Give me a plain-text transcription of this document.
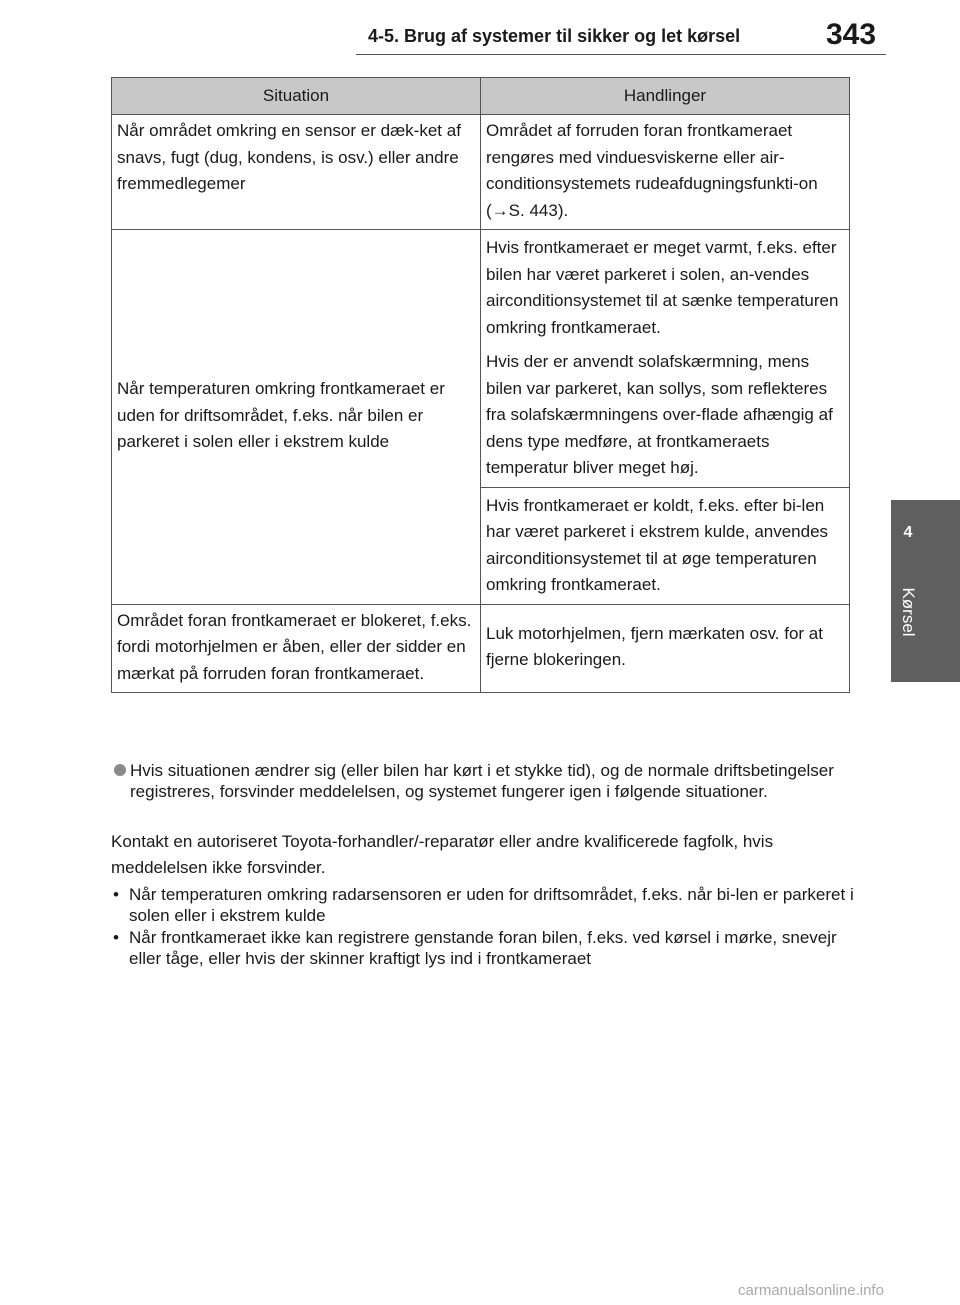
4-5. Brug af systemer til sikker og let kørsel	343
4
Kørsel
Situation	Handlinger
Når området omkring en sensor er dæk-ket af snavs, fugt (dug, kondens, is osv.) eller andre fremmedlegemer	Området af forruden foran frontkameraet rengøres med vinduesviskerne eller air-conditionsystemets rudeafdugningsfunkti-on (→S. 443).
Når temperaturen omkring frontkameraet er uden for driftsområdet, f.eks. når bilen er parkeret i solen eller i ekstrem kulde	Hvis frontkameraet er meget varmt, f.eks. efter bilen har været parkeret i solen, an-vendes airconditionsystemet til at sænke temperaturen omkring frontkameraet.
Hvis der er anvendt solafskærmning, mens bilen var parkeret, kan sollys, som reflekteres fra solafskærmningens over-flade afhængig af dens type medføre, at frontkameraets temperatur bliver meget høj.

	Hvis frontkameraet er koldt, f.eks. efter bi-len har været parkeret i ekstrem kulde, anvendes airconditionsystemet til at øge temperaturen omkring frontkameraet.
Området foran frontkameraet er blokeret, f.eks. fordi motorhjelmen er åben, eller der sidder en mærkat på forruden foran frontkameraet.	Luk motorhjelmen, fjern mærkaten osv. for at fjerne blokeringen.
Hvis situationen ændrer sig (eller bilen har kørt i et stykke tid), og de normale driftsbetingelser registreres, forsvinder meddelelsen, og systemet fungerer igen i følgende situationer.
Kontakt en autoriseret Toyota-forhandler/-reparatør eller andre kvalificerede fagfolk, hvis meddelelsen ikke forsvinder.
• Når temperaturen omkring radarsensoren er uden for driftsområdet, f.eks. når bi-len er parkeret i solen eller i ekstrem kulde
• Når frontkameraet ikke kan registrere genstande foran bilen, f.eks. ved kørsel i mørke, snevejr eller tåge, eller hvis der skinner kraftigt lys ind i frontkameraet
carmanualsonline.info
